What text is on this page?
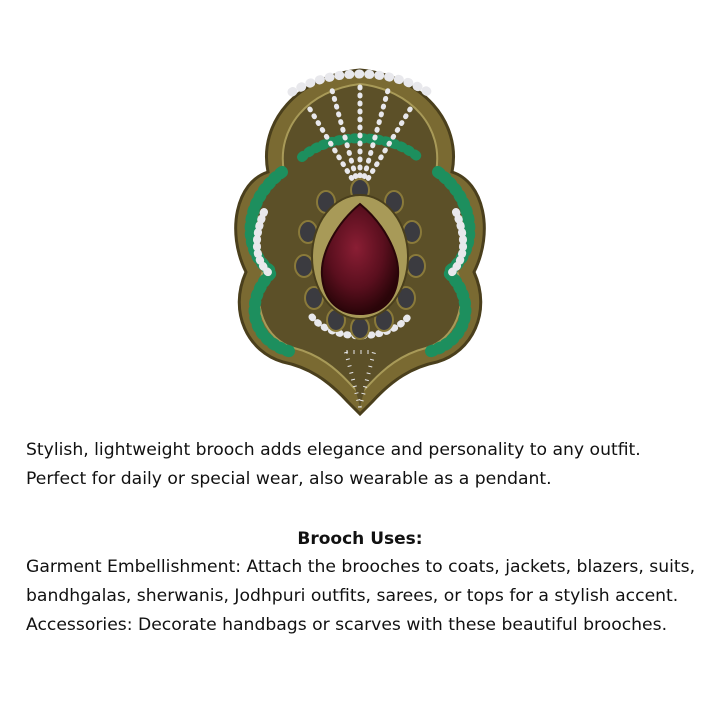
Stylish, lightweight brooch adds elegance and personality to any outfit.
Perfect for daily or special wear, also wearable as a pendant.

Brooch Uses:

Garment Embellishment: Attach the brooches to coats, jackets, blazers, suits,
bandhgalas, sherwanis, Jodhpuri outfits, sarees, or tops for a stylish accent.
Accessories: Decorate handbags or scarves with these beautiful brooches.
